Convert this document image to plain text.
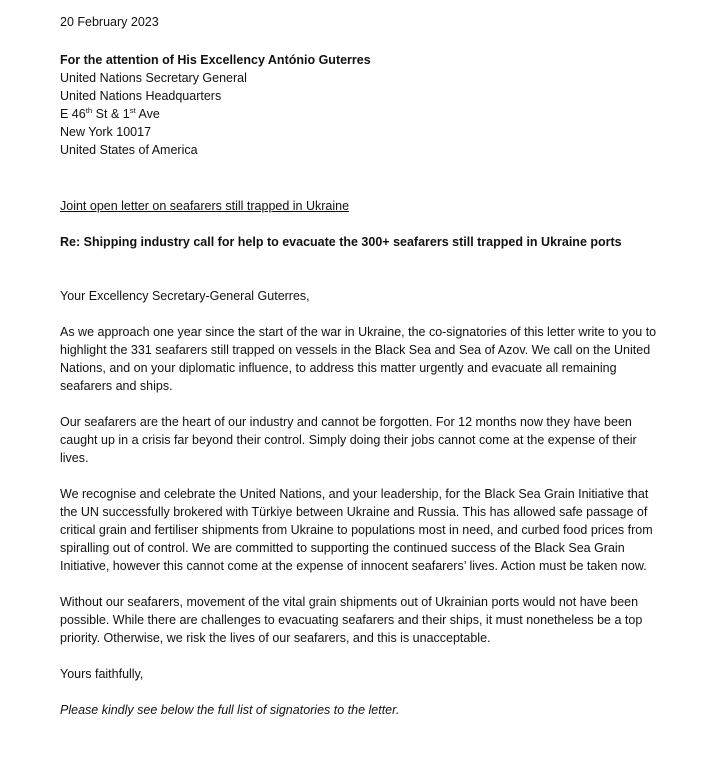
20 February 2023
For the attention of His Excellency António Guterres
United Nations Secretary General
United Nations Headquarters
E 46th St & 1st Ave
New York 10017
United States of America
Joint open letter on seafarers still trapped in Ukraine
Re: Shipping industry call for help to evacuate the 300+ seafarers still trapped in Ukraine ports
Your Excellency Secretary-General Guterres,

As we approach one year since the start of the war in Ukraine, the co-signatories of this letter write to you to highlight the 331 seafarers still trapped on vessels in the Black Sea and Sea of Azov. We call on the United Nations, and on your diplomatic influence, to address this matter urgently and evacuate all remaining seafarers and ships.

Our seafarers are the heart of our industry and cannot be forgotten. For 12 months now they have been caught up in a crisis far beyond their control. Simply doing their jobs cannot come at the expense of their lives.

We recognise and celebrate the United Nations, and your leadership, for the Black Sea Grain Initiative that the UN successfully brokered with Türkiye between Ukraine and Russia. This has allowed safe passage of critical grain and fertiliser shipments from Ukraine to populations most in need, and curbed food prices from spiralling out of control. We are committed to supporting the continued success of the Black Sea Grain Initiative, however this cannot come at the expense of innocent seafarers’ lives. Action must be taken now.

Without our seafarers, movement of the vital grain shipments out of Ukrainian ports would not have been possible. While there are challenges to evacuating seafarers and their ships, it must nonetheless be a top priority. Otherwise, we risk the lives of our seafarers, and this is unacceptable.

Yours faithfully,
Please kindly see below the full list of signatories to the letter.
